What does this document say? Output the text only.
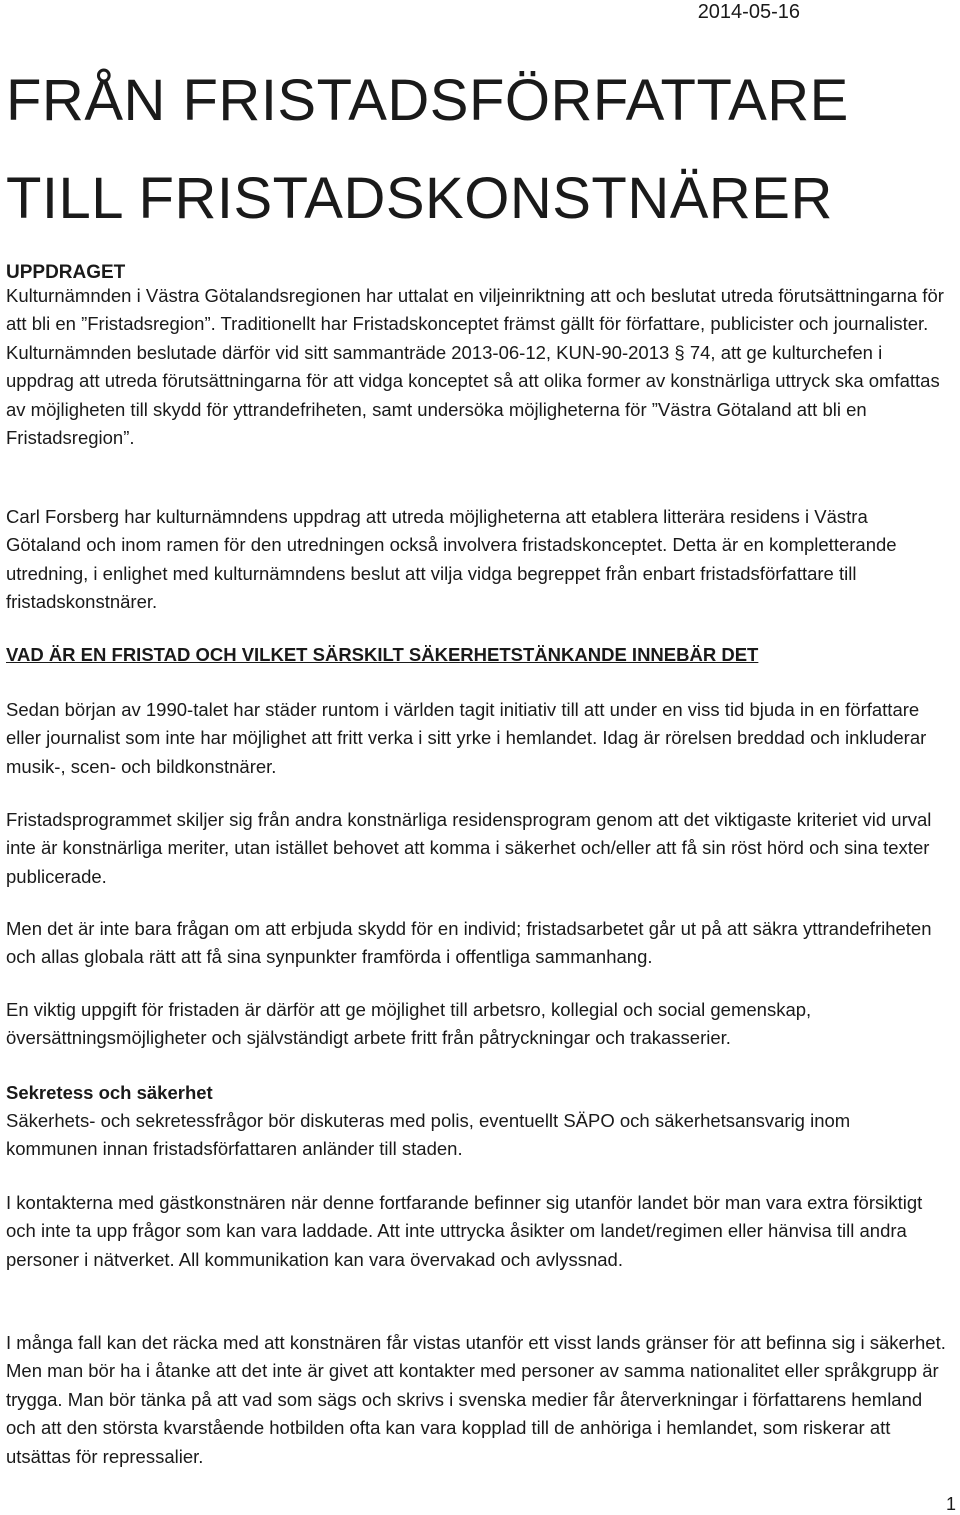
2014-05-16
FRÅN FRISTADSFÖRFATTARE
TILL FRISTADSKONSTNÄRER
UPPDRAGET

Kulturnämnden i Västra Götalandsregionen har uttalat en viljeinriktning att och beslutat utreda förutsättningarna för att bli en ”Fristadsregion”. Traditionellt har Fristadskonceptet främst gällt för författare, publicister och journalister. Kulturnämnden beslutade därför vid sitt sammanträde 2013-06-12, KUN-90-2013 § 74, att ge kulturchefen i uppdrag att utreda förutsättningarna för att vidga konceptet så att olika former av konstnärliga uttryck ska omfattas av möjligheten till skydd för yttrandefriheten, samt undersöka möjligheterna för ”Västra Götaland att bli en Fristadsregion”.

Carl Forsberg har kulturnämndens uppdrag att utreda möjligheterna att etablera litterära residens i Västra Götaland och inom ramen för den utredningen också involvera fristadskonceptet. Detta är en kompletterande utredning, i enlighet med kulturnämndens beslut att vilja vidga begreppet från enbart fristadsförfattare till fristadskonstnärer.

VAD ÄR EN FRISTAD OCH VILKET SÄRSKILT SÄKERHETSTÄNKANDE INNEBÄR DET

Sedan början av 1990-talet har städer runtom i världen tagit initiativ till att under en viss tid bjuda in en författare eller journalist som inte har möjlighet att fritt verka i sitt yrke i hemlandet. Idag är rörelsen breddad och inkluderar musik-, scen- och bildkonstnärer.

Fristadsprogrammet skiljer sig från andra konstnärliga residensprogram genom att det viktigaste kriteriet vid urval inte är konstnärliga meriter, utan istället behovet att komma i säkerhet och/eller att få sin röst hörd och sina texter publicerade.

Men det är inte bara frågan om att erbjuda skydd för en individ; fristadsarbetet går ut på att säkra yttrandefriheten och allas globala rätt att få sina synpunkter framförda i offentliga sammanhang.

En viktig uppgift för fristaden är därför att ge möjlighet till arbetsro, kollegial och social gemenskap, översättningsmöjligheter och självständigt arbete fritt från påtryckningar och trakasserier.

Sekretess och säkerhet

Säkerhets- och sekretessfrågor bör diskuteras med polis, eventuellt SÄPO och säkerhetsansvarig inom kommunen innan fristadsförfattaren anländer till staden.

I kontakterna med gästkonstnären när denne fortfarande befinner sig utanför landet bör man vara extra försiktigt och inte ta upp frågor som kan vara laddade. Att inte uttrycka åsikter om landet/regimen eller hänvisa till andra personer i nätverket. All kommunikation kan vara övervakad och avlyssnad.

I många fall kan det räcka med att konstnären får vistas utanför ett visst lands gränser för att befinna sig i säkerhet. Men man bör ha i åtanke att det inte är givet att kontakter med personer av samma nationalitet eller språkgrupp är trygga. Man bör tänka på att vad som sägs och skrivs i svenska medier får återverkningar i författarens hemland och att den största kvarstående hotbilden ofta kan vara kopplad till de anhöriga i hemlandet, som riskerar att utsättas för repressalier.

1
